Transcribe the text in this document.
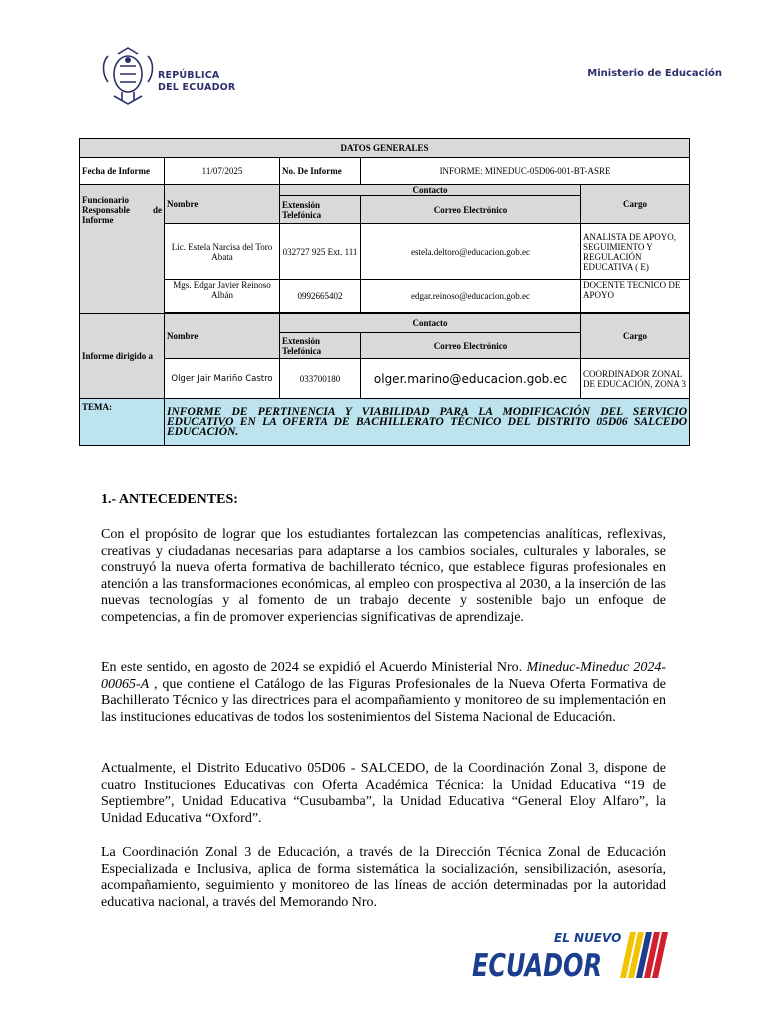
REPÚBLICA
DEL ECUADOR
Ministerio de Educación
DATOS GENERALES				
Fecha de Informe	11/07/2025	No. De Informe	INFORME: MINEDUC-05D06-001-BT-ASRE	

Funcionario Responsable de Informe	Nombre	Contacto		Cargo
		Extensión Telefónica	Correo Electrónico	
	Lic. Estela Narcisa del Toro Abata	032727 925 Ext. 111	estela.deltoro@educacion.gob.ec	ANALISTA DE APOYO, SEGUIMIENTO Y REGULACIÓN EDUCATIVA ( E)
	Mgs. Edgar Javier Reinoso Albán	0992665402	edgar.reinoso@educacion.gob.ec	DOCENTE TECNICO DE APOYO

Informe dirigido a	Nombre	Contacto		Cargo
		Extensión Telefónica	Correo Electrónico	
	Olger Jair Mariño Castro	033700180	olger.marino@educacion.gob.ec	COORDINADOR ZONAL DE EDUCACIÓN, ZONA 3
TEMA:	INFORME DE PERTINENCIA Y VIABILIDAD PARA LA MODIFICACIÓN DEL SERVICIO EDUCATIVO EN LA OFERTA DE BACHILLERATO TÉCNICO DEL DISTRITO 05D06 SALCEDO EDUCACIÓN.			
1.- ANTECEDENTES:

Con el propósito de lograr que los estudiantes fortalezcan las competencias analíticas, reflexivas, creativas y ciudadanas necesarias para adaptarse a los cambios sociales, culturales y laborales, se construyó la nueva oferta formativa de bachillerato técnico, que establece figuras profesionales en atención a las transformaciones económicas, al empleo con prospectiva al 2030, a la inserción de las nuevas tecnologías y al fomento de un trabajo decente y sostenible bajo un enfoque de competencias, a fin de promover experiencias significativas de aprendizaje.

En este sentido, en agosto de 2024 se expidió el Acuerdo Ministerial Nro. Mineduc-Mineduc 2024-00065-A , que contiene el Catálogo de las Figuras Profesionales de la Nueva Oferta Formativa de Bachillerato Técnico y las directrices para el acompañamiento y monitoreo de su implementación en las instituciones educativas de todos los sostenimientos del Sistema Nacional de Educación.

Actualmente, el Distrito Educativo 05D06 - SALCEDO, de la Coordinación Zonal 3, dispone de cuatro Instituciones Educativas con Oferta Académica Técnica: la Unidad Educativa “19 de Septiembre”, Unidad Educativa “Cusubamba”, la Unidad Educativa “General Eloy Alfaro”, la Unidad Educativa “Oxford”.

La Coordinación Zonal 3 de Educación, a través de la Dirección Técnica Zonal de Educación Especializada e Inclusiva, aplica de forma sistemática la socialización, sensibilización, asesoría, acompañamiento, seguimiento y monitoreo de las líneas de acción determinadas por la autoridad educativa nacional, a través del Memorando Nro.

EL NUEVO
ECUADOR
